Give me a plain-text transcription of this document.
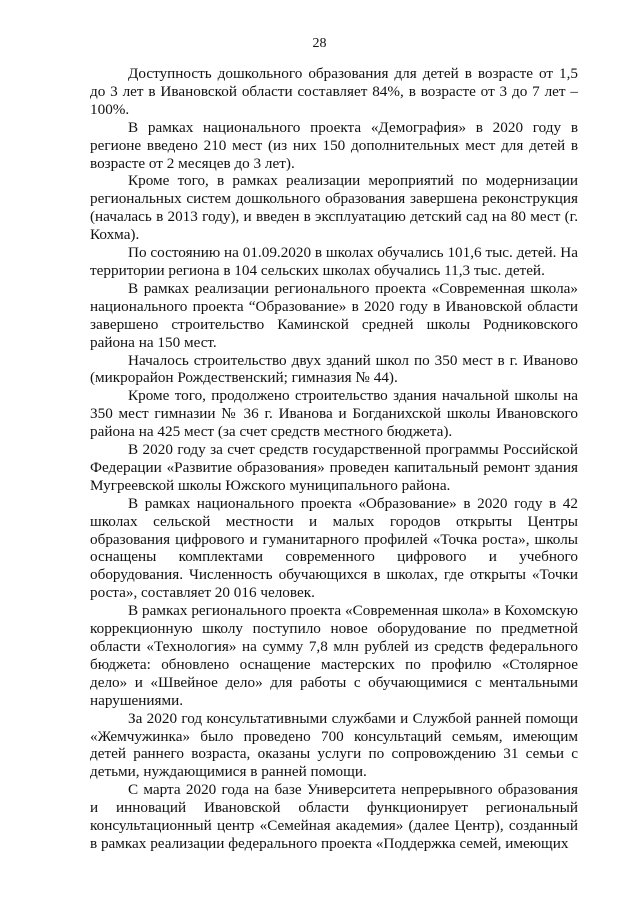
28

Доступность дошкольного образования для детей в возрасте от 1,5 до 3 лет в Ивановской области составляет 84%, в возрасте от 3 до 7 лет – 100%.

В рамках национального проекта «Демография» в 2020 году в регионе введено 210 мест (из них 150 дополнительных мест для детей в возрасте от 2 месяцев до 3 лет).

Кроме того, в рамках реализации мероприятий по модернизации региональных систем дошкольного образования завершена реконструкция (началась в 2013 году), и введен в эксплуатацию детский сад на 80 мест (г. Кохма).

По состоянию на 01.09.2020 в школах обучались 101,6 тыс. детей. На территории региона в 104 сельских школах обучались 11,3 тыс. детей.

В рамках реализации регионального проекта «Современная школа» национального проекта “Образование» в 2020 году в Ивановской области завершено строительство Каминской средней школы Родниковского района на 150 мест.

Началось строительство двух зданий школ по 350 мест в г. Иваново (микрорайон Рождественский; гимназия № 44).

Кроме того, продолжено строительство здания начальной школы на 350 мест гимназии № 36 г. Иванова и Богданихской школы Ивановского района на 425 мест (за счет средств местного бюджета).

В 2020 году за счет средств государственной программы Российской Федерации «Развитие образования» проведен капитальный ремонт здания Мугреевской школы Южского муниципального района.

В рамках национального проекта «Образование» в 2020 году в 42 школах сельской местности и малых городов открыты Центры образования цифрового и гуманитарного профилей «Точка роста», школы оснащены комплектами современного цифрового и учебного оборудования. Численность обучающихся в школах, где открыты «Точки роста», составляет 20 016 человек.

В рамках регионального проекта «Современная школа» в Кохомскую коррекционную школу поступило новое оборудование по предметной области «Технология» на сумму 7,8 млн рублей из средств федерального бюджета: обновлено оснащение мастерских по профилю «Столярное дело» и «Швейное дело» для работы с обучающимися с ментальными нарушениями.

За 2020 год консультативными службами и Службой ранней помощи «Жемчужинка» было проведено 700 консультаций семьям, имеющим детей раннего возраста, оказаны услуги по сопровождению 31 семьи с детьми, нуждающимися в ранней помощи.

С марта 2020 года на базе Университета непрерывного образования и инноваций Ивановской области функционирует региональный консультационный центр «Семейная академия» (далее Центр), созданный в рамках реализации федерального проекта «Поддержка семей, имеющих
